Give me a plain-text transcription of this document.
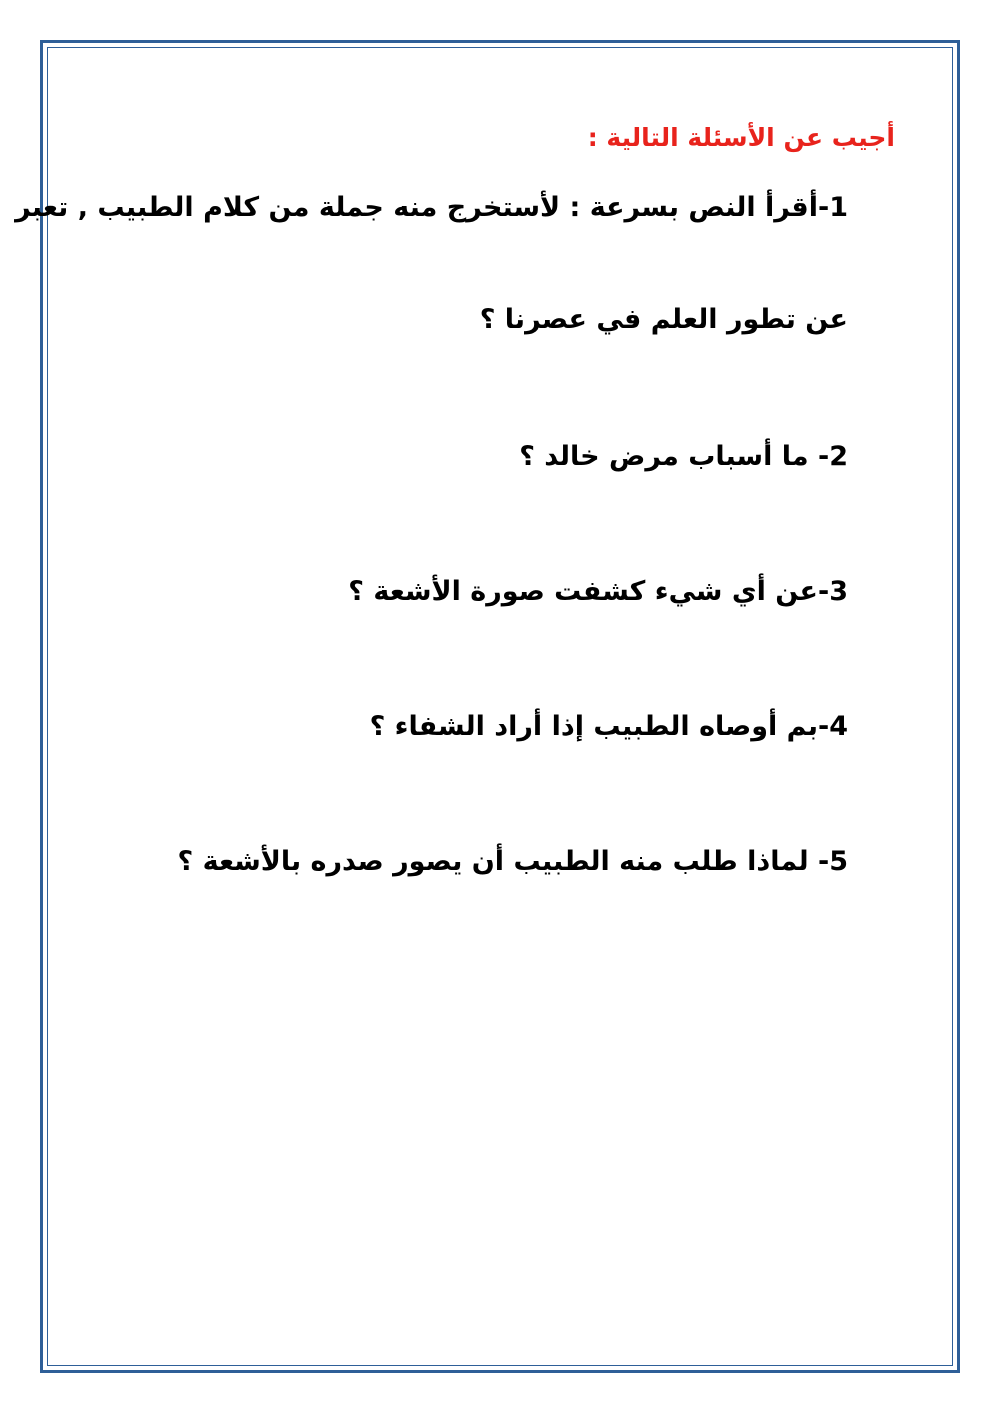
أجيب عن الأسئلة التالية :
1-أقرأ النص بسرعة : لأستخرج منه جملة من كلام الطبيب , تعبر
عن تطور العلم في عصرنا ؟
2- ما أسباب مرض خالد ؟
3-عن أي شيء كشفت صورة الأشعة ؟
4-بم أوصاه الطبيب إذا أراد الشفاء ؟
5- لماذا طلب منه الطبيب أن يصور صدره بالأشعة ؟
